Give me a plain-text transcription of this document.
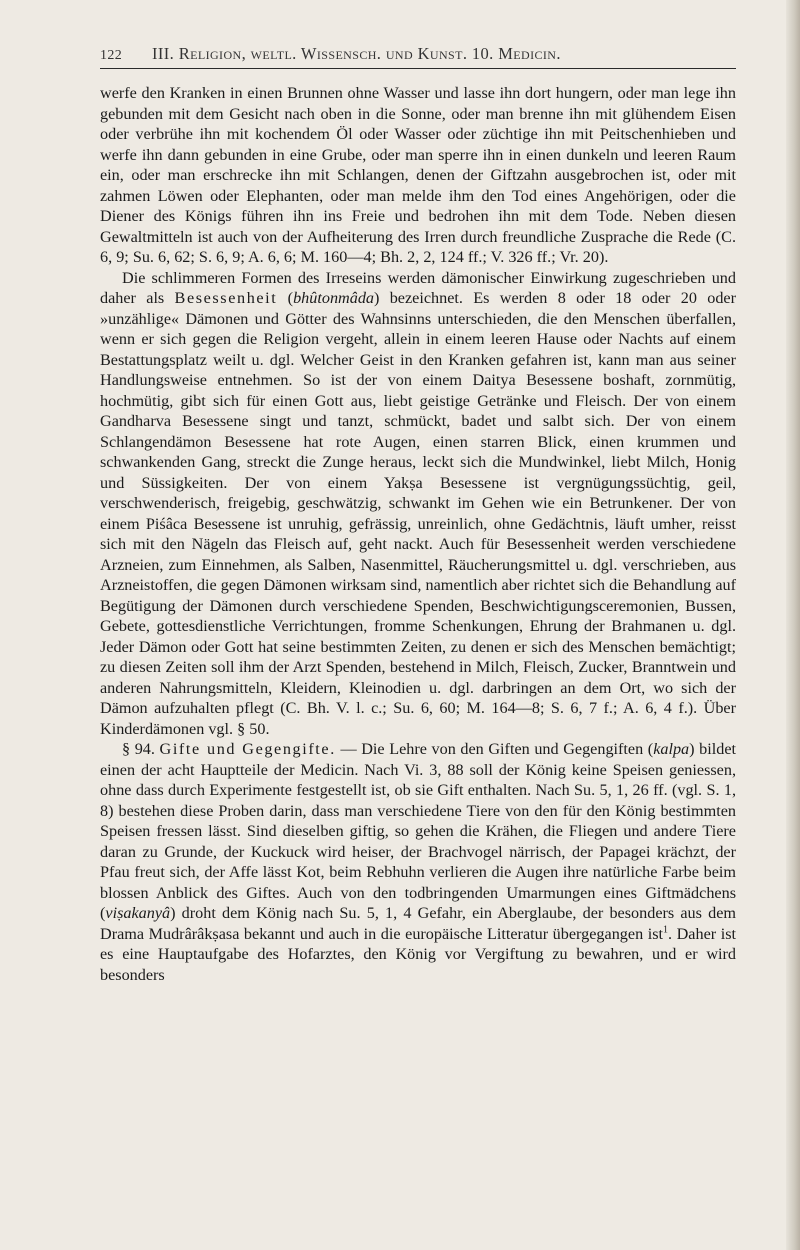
122	III. Religion, weltl. Wissensch. und Kunst. 10. Medicin.

werfe den Kranken in einen Brunnen ohne Wasser und lasse ihn dort hungern, oder man lege ihn gebunden mit dem Gesicht nach oben in die Sonne, oder man brenne ihn mit glühendem Eisen oder verbrühe ihn mit kochendem Öl oder Wasser oder züchtige ihn mit Peitschenhieben und werfe ihn dann gebunden in eine Grube, oder man sperre ihn in einen dunkeln und leeren Raum ein, oder man erschrecke ihn mit Schlangen, denen der Giftzahn ausgebrochen ist, oder mit zahmen Löwen oder Elephanten, oder man melde ihm den Tod eines Angehörigen, oder die Diener des Königs führen ihn ins Freie und bedrohen ihn mit dem Tode. Neben diesen Gewaltmitteln ist auch von der Aufheiterung des Irren durch freundliche Zusprache die Rede (C. 6, 9; Su. 6, 62; S. 6, 9; A. 6, 6; M. 160—4; Bh. 2, 2, 124 ff.; V. 326 ff.; Vr. 20).

Die schlimmeren Formen des Irreseins werden dämonischer Einwirkung zugeschrieben und daher als Besessenheit (bhûtonmâda) bezeichnet. Es werden 8 oder 18 oder 20 oder »unzählige« Dämonen und Götter des Wahnsinns unterschieden, die den Menschen überfallen, wenn er sich gegen die Religion vergeht, allein in einem leeren Hause oder Nachts auf einem Bestattungsplatz weilt u. dgl. Welcher Geist in den Kranken gefahren ist, kann man aus seiner Handlungsweise entnehmen. So ist der von einem Daitya Besessene boshaft, zornmütig, hochmütig, gibt sich für einen Gott aus, liebt geistige Getränke und Fleisch. Der von einem Gandharva Besessene singt und tanzt, schmückt, badet und salbt sich. Der von einem Schlangendämon Besessene hat rote Augen, einen starren Blick, einen krummen und schwankenden Gang, streckt die Zunge heraus, leckt sich die Mundwinkel, liebt Milch, Honig und Süssigkeiten. Der von einem Yakṣa Besessene ist vergnügungssüchtig, geil, verschwenderisch, freigebig, geschwätzig, schwankt im Gehen wie ein Betrunkener. Der von einem Piśâca Besessene ist unruhig, gefrässig, unreinlich, ohne Gedächtnis, läuft umher, reisst sich mit den Nägeln das Fleisch auf, geht nackt. Auch für Besessenheit werden verschiedene Arzneien, zum Einnehmen, als Salben, Nasenmittel, Räucherungsmittel u. dgl. verschrieben, aus Arzneistoffen, die gegen Dämonen wirksam sind, namentlich aber richtet sich die Behandlung auf Begütigung der Dämonen durch verschiedene Spenden, Beschwichtigungsceremonien, Bussen, Gebete, gottesdienstliche Verrichtungen, fromme Schenkungen, Ehrung der Brahmanen u. dgl. Jeder Dämon oder Gott hat seine bestimmten Zeiten, zu denen er sich des Menschen bemächtigt; zu diesen Zeiten soll ihm der Arzt Spenden, bestehend in Milch, Fleisch, Zucker, Branntwein und anderen Nahrungsmitteln, Kleidern, Kleinodien u. dgl. darbringen an dem Ort, wo sich der Dämon aufzuhalten pflegt (C. Bh. V. l. c.; Su. 6, 60; M. 164—8; S. 6, 7 f.; A. 6, 4 f.). Über Kinderdämonen vgl. § 50.

§ 94. Gifte und Gegengifte. — Die Lehre von den Giften und Gegengiften (kalpa) bildet einen der acht Hauptteile der Medicin. Nach Vi. 3, 88 soll der König keine Speisen geniessen, ohne dass durch Experimente festgestellt ist, ob sie Gift enthalten. Nach Su. 5, 1, 26 ff. (vgl. S. 1, 8) bestehen diese Proben darin, dass man verschiedene Tiere von den für den König bestimmten Speisen fressen lässt. Sind dieselben giftig, so gehen die Krähen, die Fliegen und andere Tiere daran zu Grunde, der Kuckuck wird heiser, der Brachvogel närrisch, der Papagei krächzt, der Pfau freut sich, der Affe lässt Kot, beim Rebhuhn verlieren die Augen ihre natürliche Farbe beim blossen Anblick des Giftes. Auch von den todbringenden Umarmungen eines Giftmädchens (viṣakanyâ) droht dem König nach Su. 5, 1, 4 Gefahr, ein Aberglaube, der besonders aus dem Drama Mudrârâkṣasa bekannt und auch in die europäische Litteratur übergegangen ist$^1$. Daher ist es eine Hauptaufgabe des Hofarztes, den König vor Vergiftung zu bewahren, und er wird besonders
